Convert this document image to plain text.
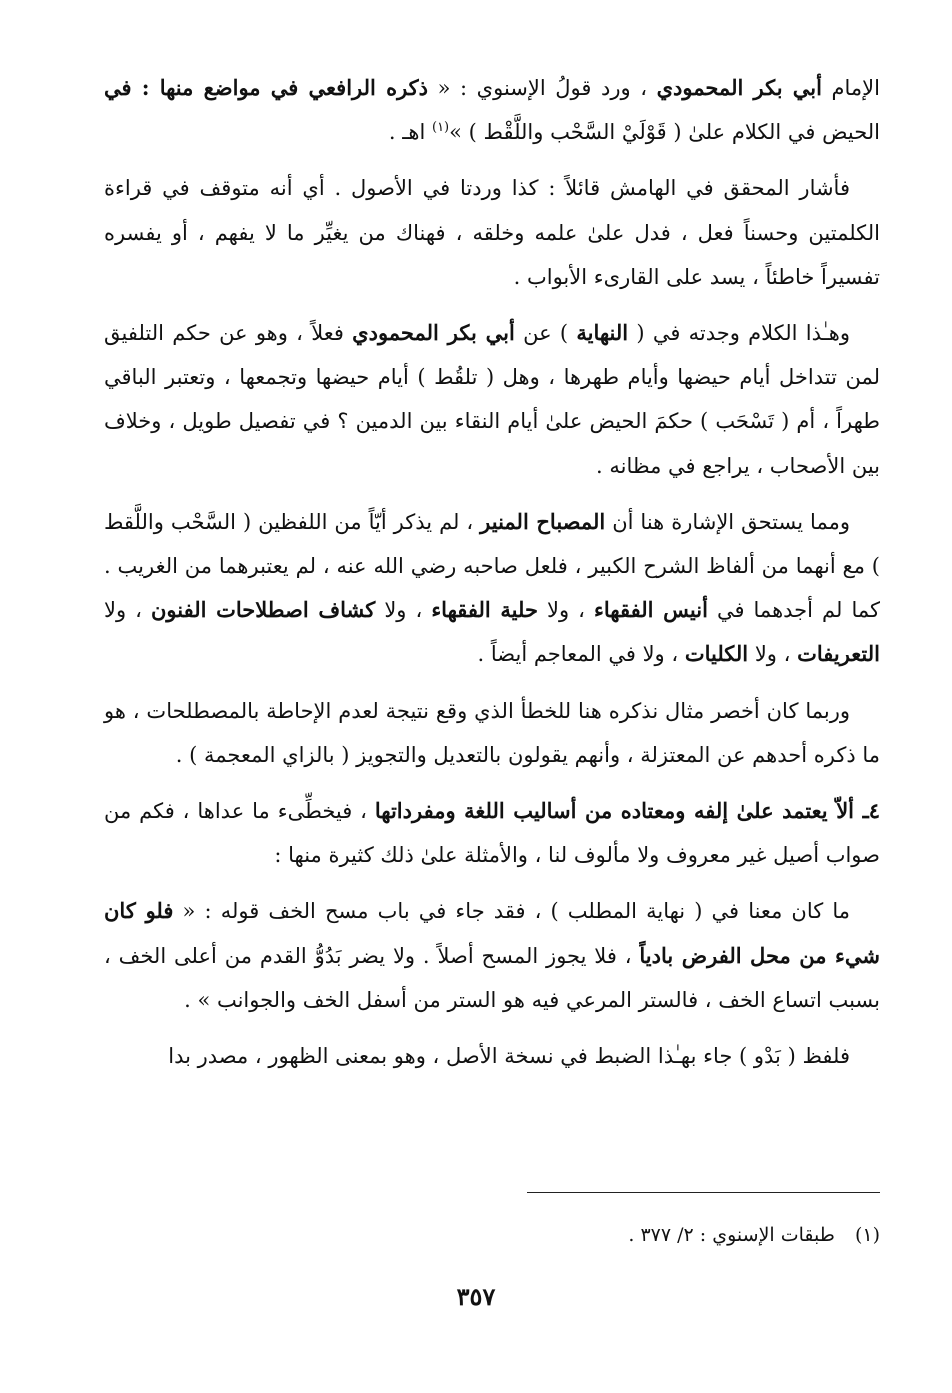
الإمام أبي بكر المحمودي ، ورد قولُ الإسنوي : « ذكره الرافعي في مواضع منها : في الحيض في الكلام علىٰ ( قَوْلَيْ السَّحْب واللَّقْط ) »$^{(١)}$ اهـ .

فأشار المحقق في الهامش قائلاً : كذا وردتا في الأصول . أي أنه متوقف في قراءة الكلمتين وحسناً فعل ، فدل علىٰ علمه وخلقه ، فهناك من يغيِّر ما لا يفهم ، أو يفسره تفسيراً خاطئاً ، يسد على القارىء الأبواب .

وهـٰذا الكلام وجدته في ( النهاية ) عن أبي بكر المحمودي فعلاً ، وهو عن حكم التلفيق لمن تتداخل أيام حيضها وأيام طهرها ، وهل ( تلقُط ) أيام حيضها وتجمعها ، وتعتبر الباقي طهراً ، أم ( تَسْحَب ) حكمَ الحيض علىٰ أيام النقاء بين الدمين ؟ في تفصيل طويل ، وخلاف بين الأصحاب ، يراجع في مظانه .

ومما يستحق الإشارة هنا أن المصباح المنير ، لم يذكر أيّاً من اللفظين ( السَّحْب واللَّقط ) مع أنهما من ألفاظ الشرح الكبير ، فلعل صاحبه رضي الله عنه ، لم يعتبرهما من الغريب . كما لم أجدهما في أنيس الفقهاء ، ولا حلية الفقهاء ، ولا كشاف اصطلاحات الفنون ، ولا التعريفات ، ولا الكليات ، ولا في المعاجم أيضاً .

وربما كان أخصر مثال نذكره هنا للخطأ الذي وقع نتيجة لعدم الإحاطة بالمصطلحات ، هو ما ذكره أحدهم عن المعتزلة ، وأنهم يقولون بالتعديل والتجويز ( بالزاي المعجمة ) .

٤ـ ألاّ يعتمد علىٰ إلفه ومعتاده من أساليب اللغة ومفرداتها ، فيخطِّىء ما عداها ، فكم من صواب أصيل غير معروف ولا مألوف لنا ، والأمثلة علىٰ ذلك كثيرة منها :

ما كان معنا في ( نهاية المطلب ) ، فقد جاء في باب مسح الخف قوله : « فلو كان شيء من محل الفرض بادياً ، فلا يجوز المسح أصلاً . ولا يضر بَدُوُّ القدم من أعلى الخف ، بسبب اتساع الخف ، فالستر المرعي فيه هو الستر من أسفل الخف والجوانب » .

فلفظ ( بَدْو ) جاء بهـٰذا الضبط في نسخة الأصل ، وهو بمعنى الظهور ، مصدر بدا

(١) طبقات الإسنوي : ٢/ ٣٧٧ .
٣٥٧
